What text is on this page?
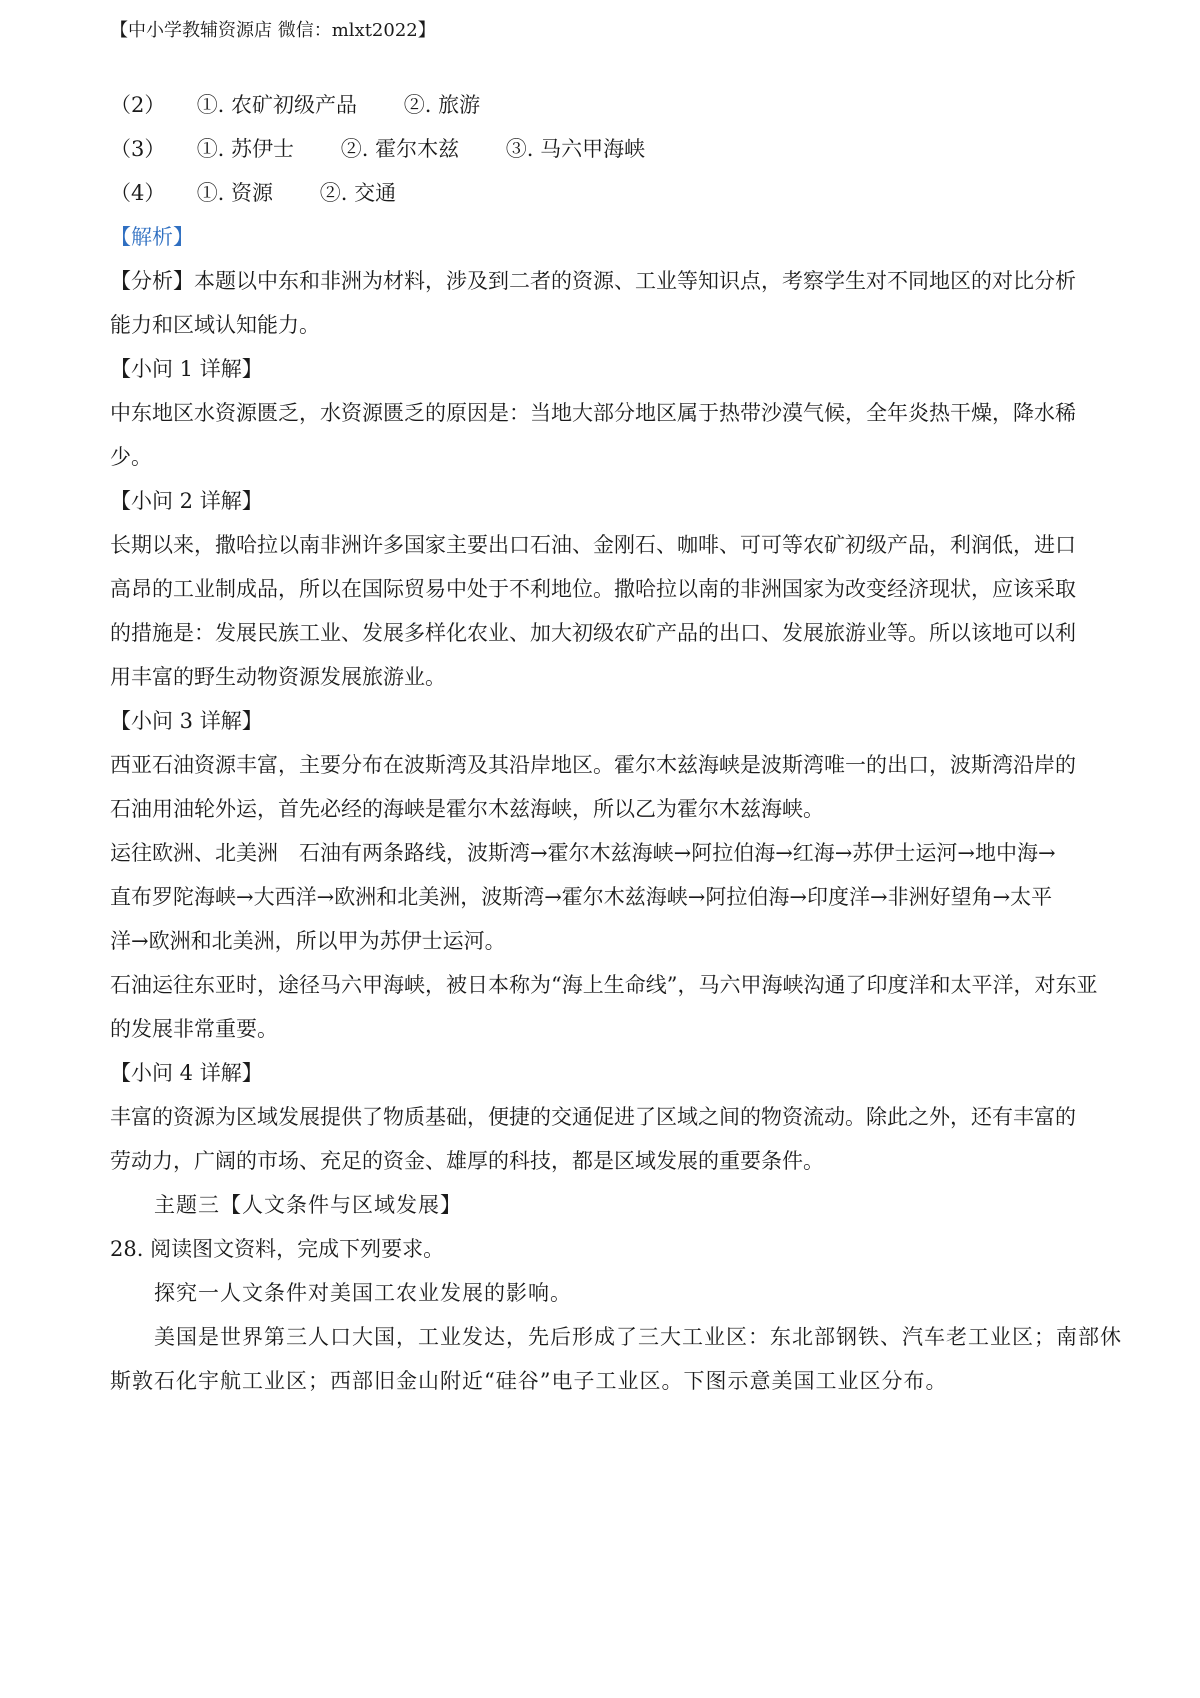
【中小学教辅资源店 微信：mlxt2022】
（2） ①. 农矿初级产品 ②. 旅游
（3） ①. 苏伊士 ②. 霍尔木兹 ③. 马六甲海峡
（4） ①. 资源 ②. 交通
【解析】
【分析】本题以中东和非洲为材料，涉及到二者的资源、工业等知识点，考察学生对不同地区的对比分析
能力和区域认知能力。
【小问 1 详解】
中东地区水资源匮乏，水资源匮乏的原因是：当地大部分地区属于热带沙漠气候，全年炎热干燥，降水稀
少。
【小问 2 详解】
长期以来，撒哈拉以南非洲许多国家主要出口石油、金刚石、咖啡、可可等农矿初级产品，利润低，进口
高昂的工业制成品，所以在国际贸易中处于不利地位。撒哈拉以南的非洲国家为改变经济现状，应该采取
的措施是：发展民族工业、发展多样化农业、加大初级农矿产品的出口、发展旅游业等。所以该地可以利
用丰富的野生动物资源发展旅游业。
【小问 3 详解】
西亚石油资源丰富，主要分布在波斯湾及其沿岸地区。霍尔木兹海峡是波斯湾唯一的出口，波斯湾沿岸的
石油用油轮外运，首先必经的海峡是霍尔木兹海峡，所以乙为霍尔木兹海峡。
运往欧洲、北美洲　石油有两条路线，波斯湾→霍尔木兹海峡→阿拉伯海→红海→苏伊士运河→地中海→
直布罗陀海峡→大西洋→欧洲和北美洲，波斯湾→霍尔木兹海峡→阿拉伯海→印度洋→非洲好望角→太平
洋→欧洲和北美洲，所以甲为苏伊士运河。
石油运往东亚时，途径马六甲海峡，被日本称为“海上生命线”，马六甲海峡沟通了印度洋和太平洋，对东亚
的发展非常重要。
【小问 4 详解】
丰富的资源为区域发展提供了物质基础，便捷的交通促进了区域之间的物资流动。除此之外，还有丰富的
劳动力，广阔的市场、充足的资金、雄厚的科技，都是区域发展的重要条件。
主题三【人文条件与区域发展】
28. 阅读图文资料，完成下列要求。
探究一人文条件对美国工农业发展的影响。
美国是世界第三人口大国，工业发达，先后形成了三大工业区：东北部钢铁、汽车老工业区；南部休
斯敦石化宇航工业区；西部旧金山附近“硅谷”电子工业区。下图示意美国工业区分布。
